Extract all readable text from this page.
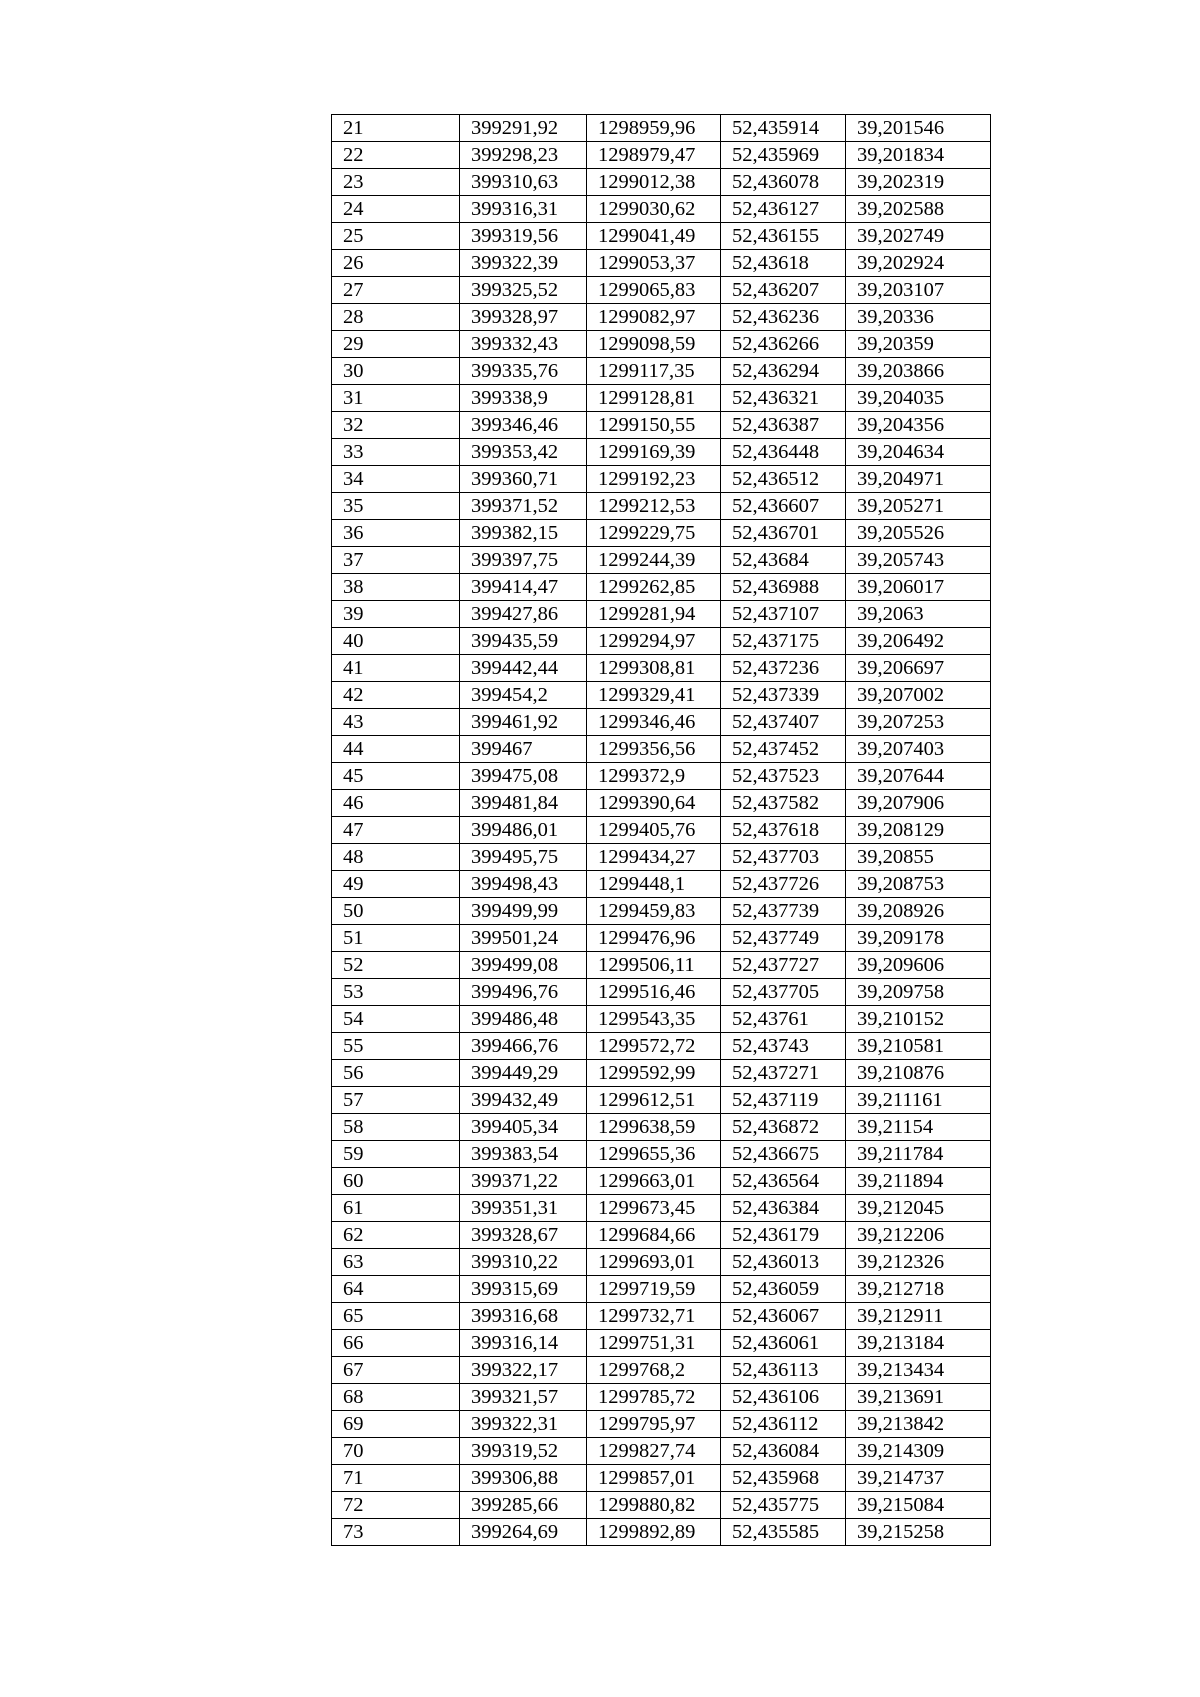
21	399291,92	1298959,96	52,435914	39,201546
22	399298,23	1298979,47	52,435969	39,201834
23	399310,63	1299012,38	52,436078	39,202319
24	399316,31	1299030,62	52,436127	39,202588
25	399319,56	1299041,49	52,436155	39,202749
26	399322,39	1299053,37	52,43618	39,202924
27	399325,52	1299065,83	52,436207	39,203107
28	399328,97	1299082,97	52,436236	39,20336
29	399332,43	1299098,59	52,436266	39,20359
30	399335,76	1299117,35	52,436294	39,203866
31	399338,9	1299128,81	52,436321	39,204035
32	399346,46	1299150,55	52,436387	39,204356
33	399353,42	1299169,39	52,436448	39,204634
34	399360,71	1299192,23	52,436512	39,204971
35	399371,52	1299212,53	52,436607	39,205271
36	399382,15	1299229,75	52,436701	39,205526
37	399397,75	1299244,39	52,43684	39,205743
38	399414,47	1299262,85	52,436988	39,206017
39	399427,86	1299281,94	52,437107	39,2063
40	399435,59	1299294,97	52,437175	39,206492
41	399442,44	1299308,81	52,437236	39,206697
42	399454,2	1299329,41	52,437339	39,207002
43	399461,92	1299346,46	52,437407	39,207253
44	399467	1299356,56	52,437452	39,207403
45	399475,08	1299372,9	52,437523	39,207644
46	399481,84	1299390,64	52,437582	39,207906
47	399486,01	1299405,76	52,437618	39,208129
48	399495,75	1299434,27	52,437703	39,20855
49	399498,43	1299448,1	52,437726	39,208753
50	399499,99	1299459,83	52,437739	39,208926
51	399501,24	1299476,96	52,437749	39,209178
52	399499,08	1299506,11	52,437727	39,209606
53	399496,76	1299516,46	52,437705	39,209758
54	399486,48	1299543,35	52,43761	39,210152
55	399466,76	1299572,72	52,43743	39,210581
56	399449,29	1299592,99	52,437271	39,210876
57	399432,49	1299612,51	52,437119	39,211161
58	399405,34	1299638,59	52,436872	39,21154
59	399383,54	1299655,36	52,436675	39,211784
60	399371,22	1299663,01	52,436564	39,211894
61	399351,31	1299673,45	52,436384	39,212045
62	399328,67	1299684,66	52,436179	39,212206
63	399310,22	1299693,01	52,436013	39,212326
64	399315,69	1299719,59	52,436059	39,212718
65	399316,68	1299732,71	52,436067	39,212911
66	399316,14	1299751,31	52,436061	39,213184
67	399322,17	1299768,2	52,436113	39,213434
68	399321,57	1299785,72	52,436106	39,213691
69	399322,31	1299795,97	52,436112	39,213842
70	399319,52	1299827,74	52,436084	39,214309
71	399306,88	1299857,01	52,435968	39,214737
72	399285,66	1299880,82	52,435775	39,215084
73	399264,69	1299892,89	52,435585	39,215258
